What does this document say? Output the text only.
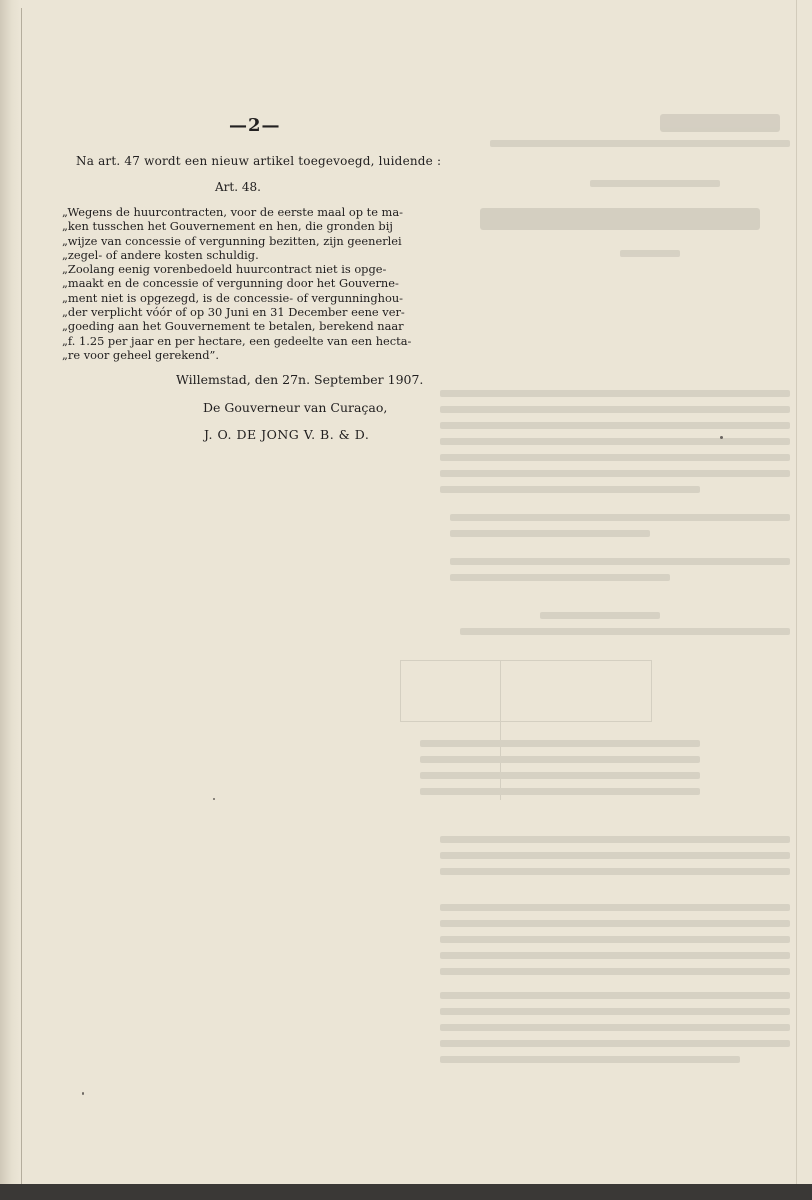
—2—
Na art. 47 wordt een nieuw artikel toegevoegd, luidende :
Art. 48.
„Wegens de huurcontracten, voor de eerste maal op te ma-
„ken tusschen het Gouvernement en hen, die gronden bij
„wijze van concessie of vergunning bezitten, zijn geenerlei
„zegel- of andere kosten schuldig.
„Zoolang eenig vorenbedoeld huurcontract niet is opge-
„maakt en de concessie of vergunning door het Gouverne-
„ment niet is opgezegd, is de concessie- of vergunninghou-
„der verplicht vóór of op 30 Juni en 31 December eene ver-
„goeding aan het Gouvernement te betalen, berekend naar
„f. 1.25 per jaar en per hectare, een gedeelte van een hecta-
„re voor geheel gerekend”.
Willemstad, den 27n. September 1907.
De Gouverneur van Curaçao,
J. O. DE JONG V. B. & D.
